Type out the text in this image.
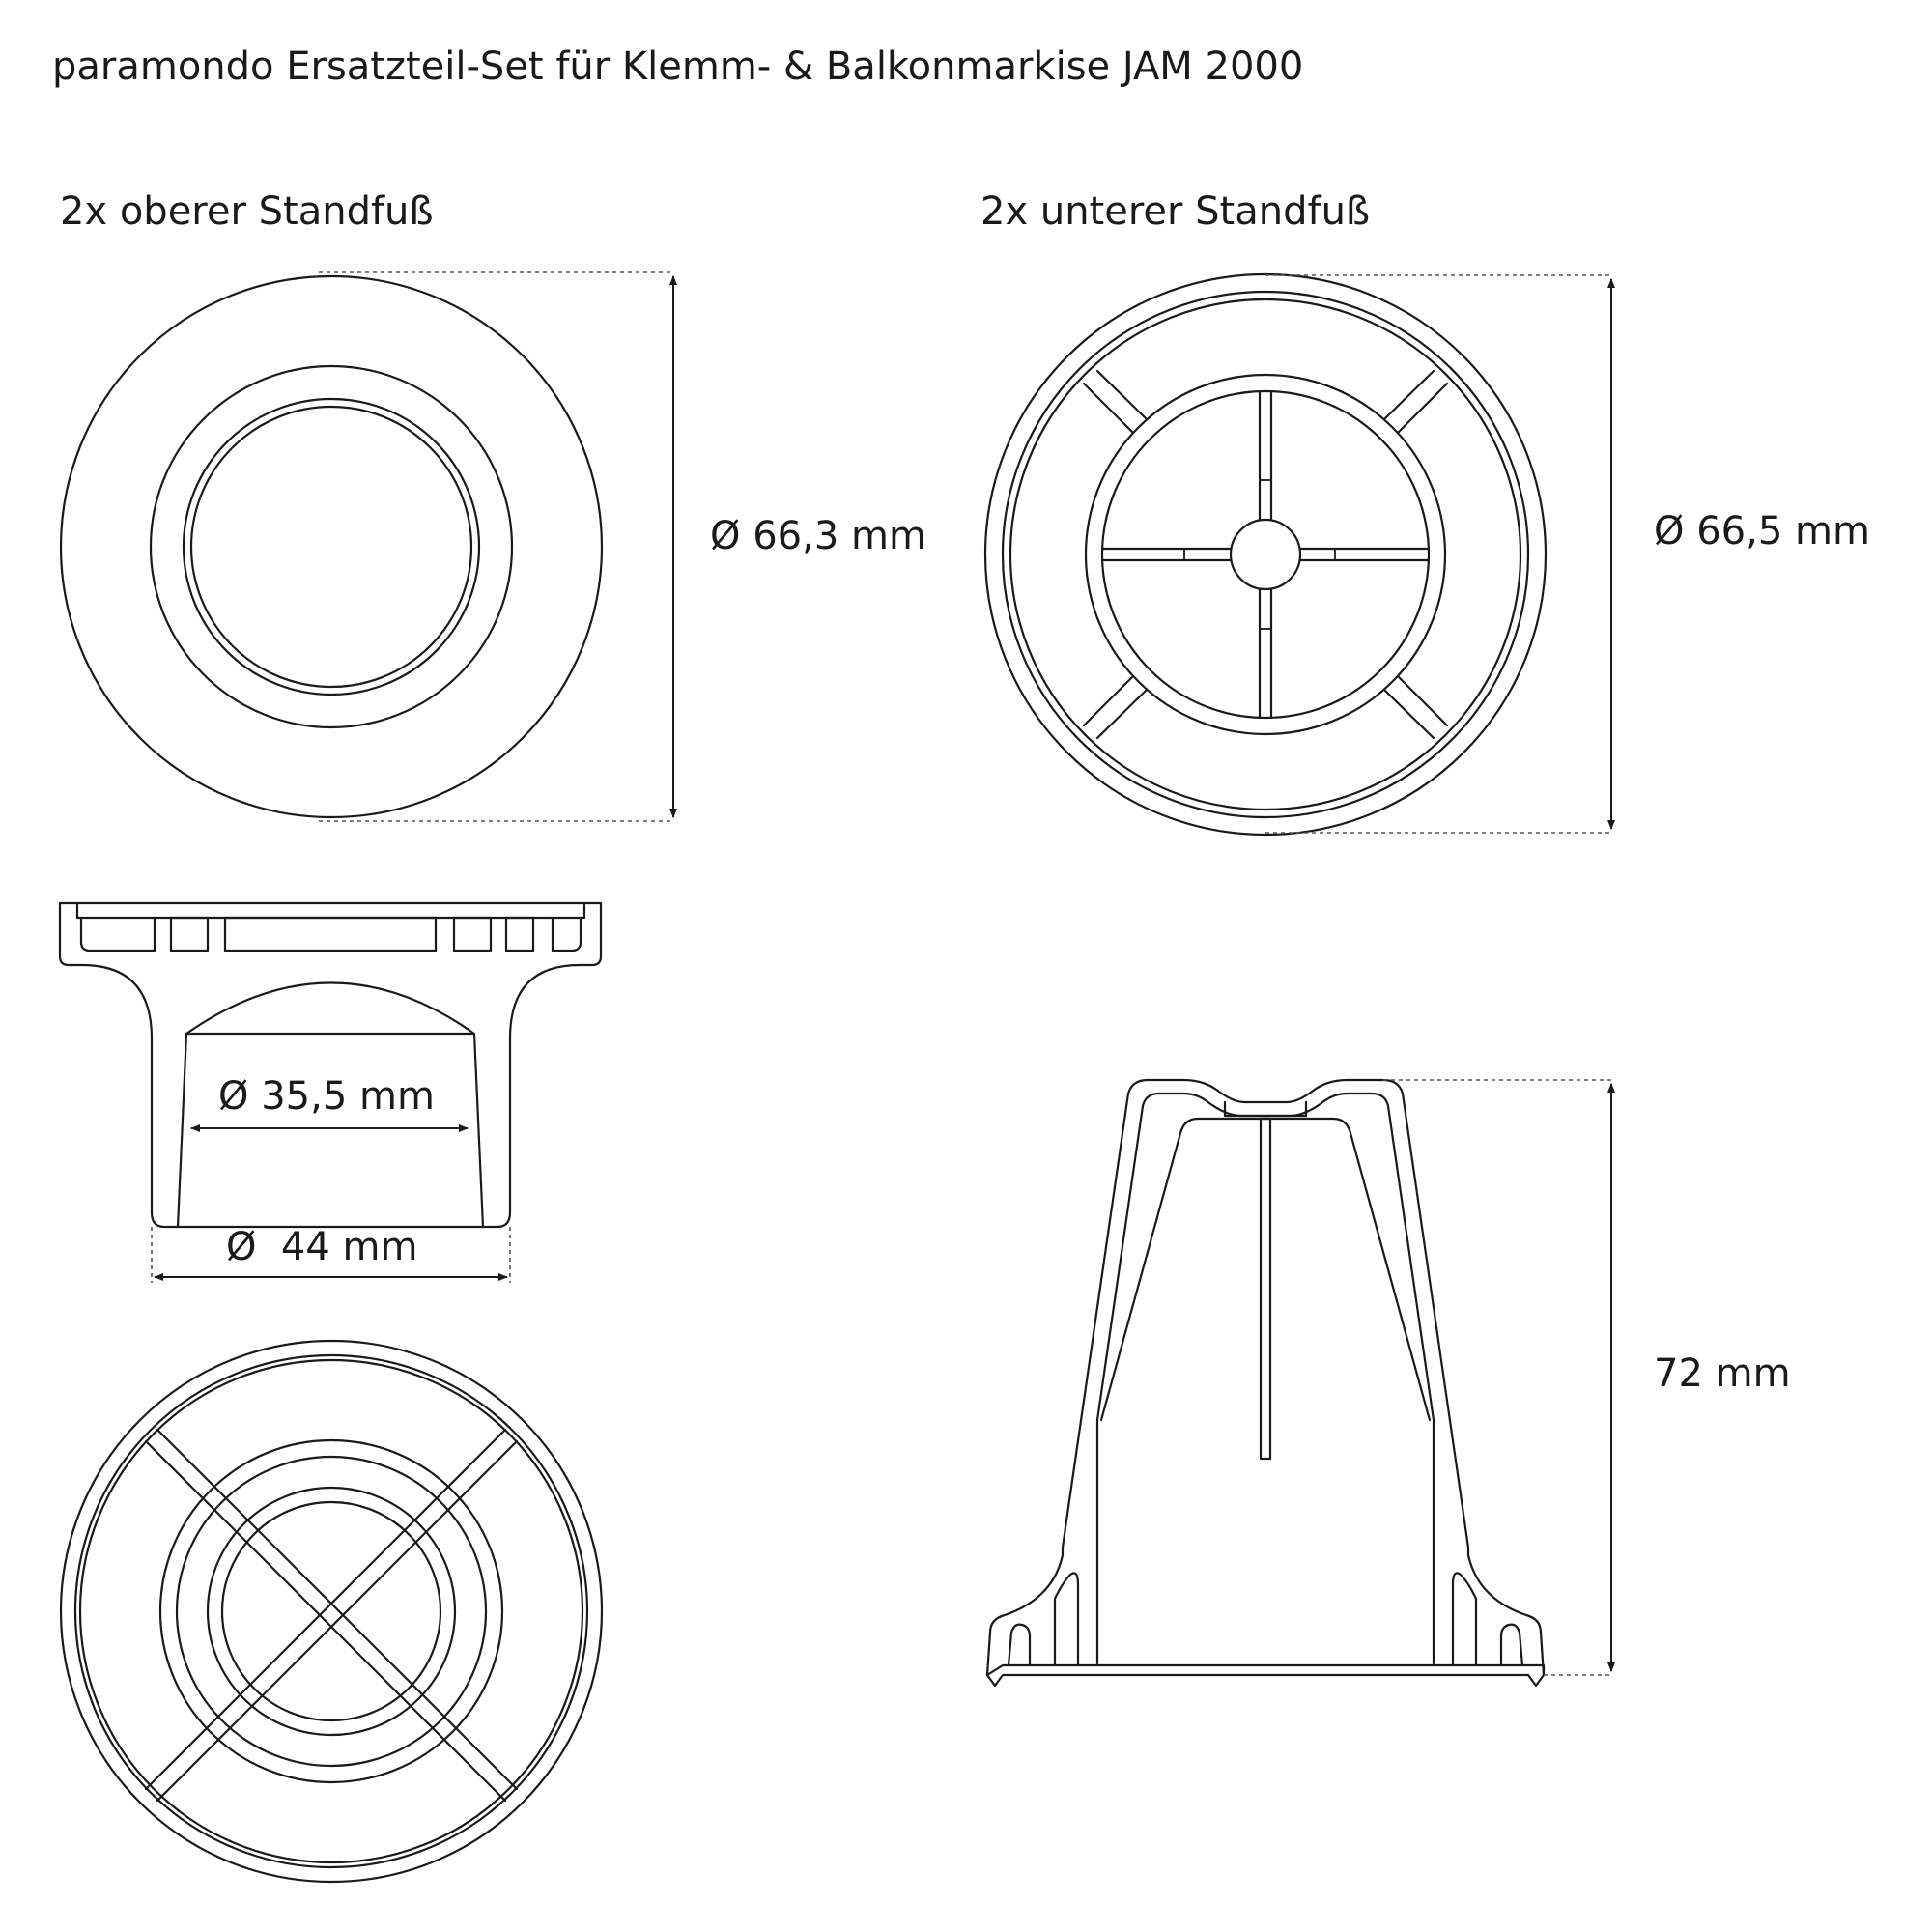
paramondo Ersatzteil-Set für Klemm- & Balkonmarkise JAM 2000
2x oberer Standfuß	2x unterer Standfuß
Ø 66,3 mm	Ø 66,5 mm
Ø 35,5 mm
Ø  44 mm
72 mm
